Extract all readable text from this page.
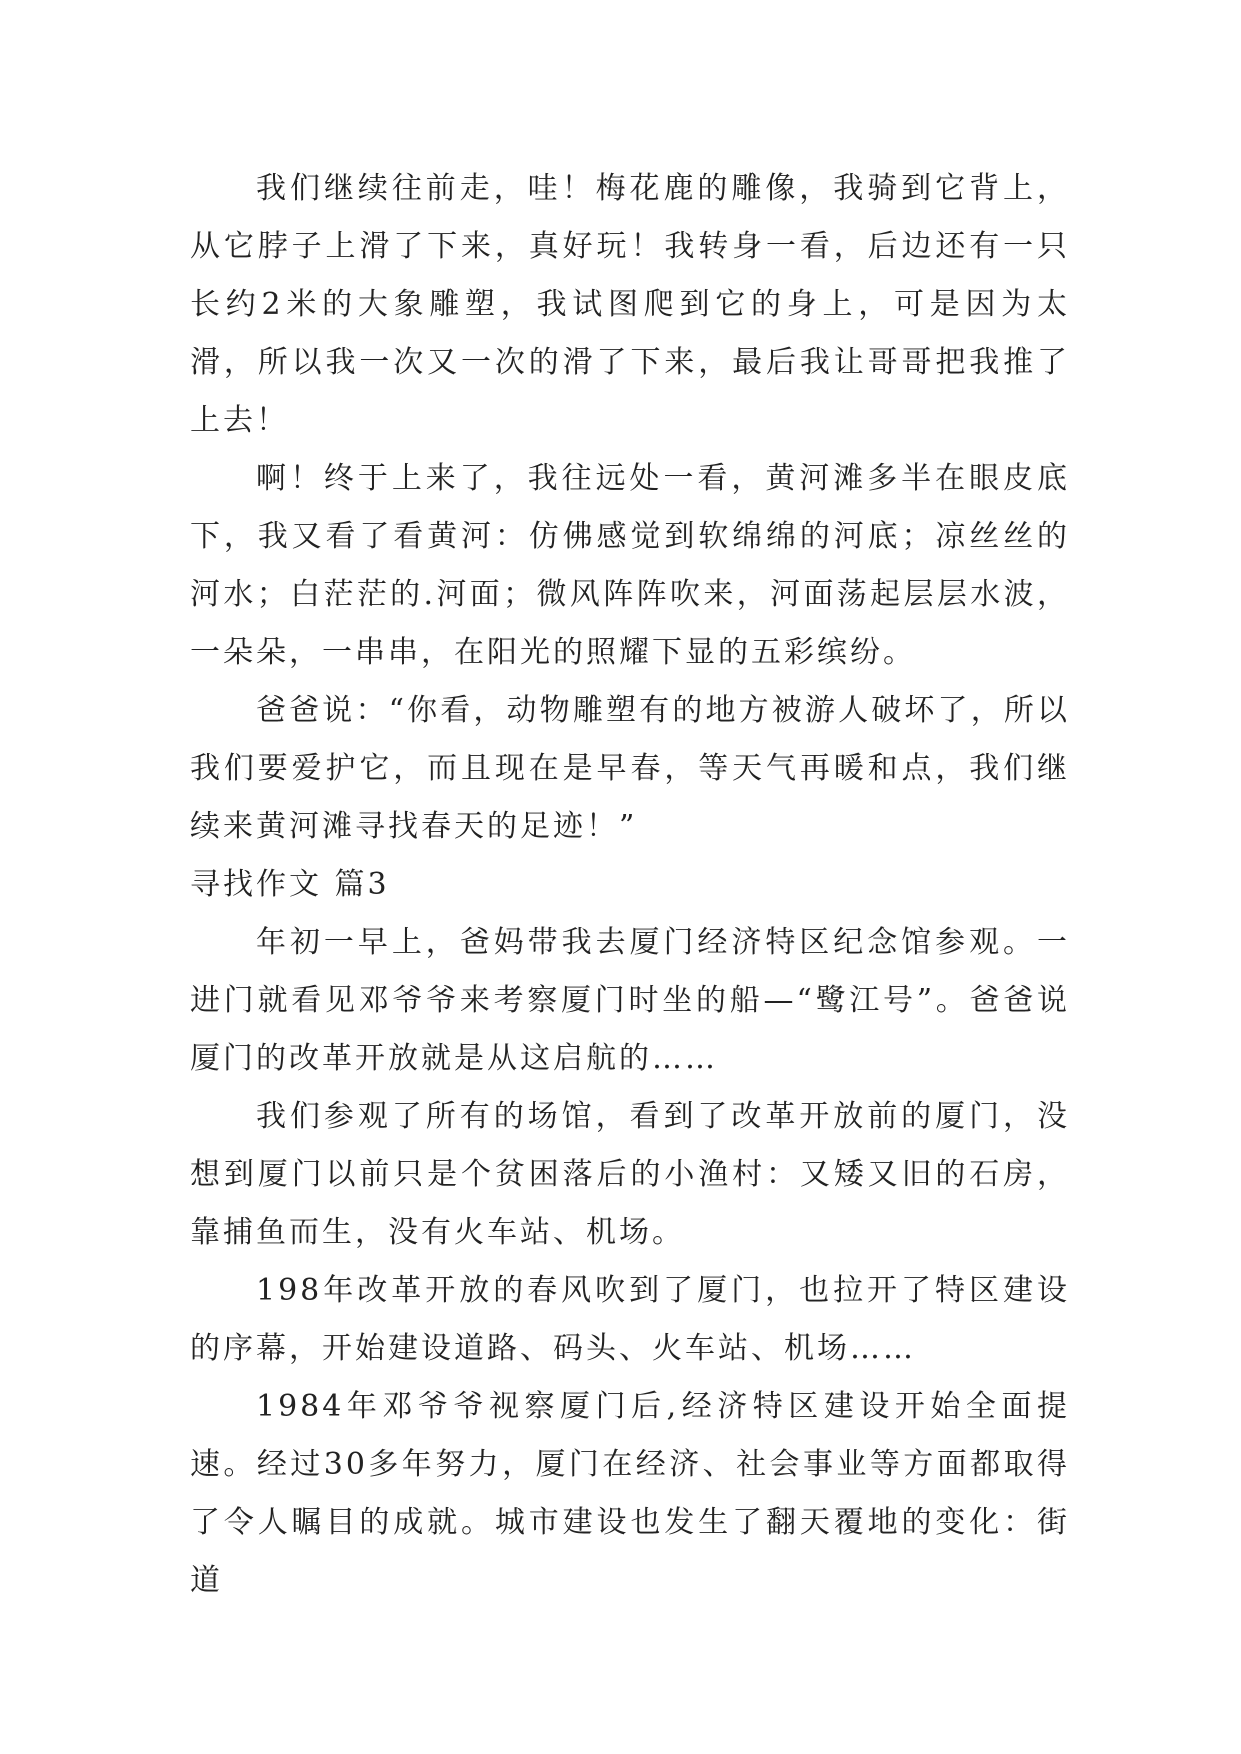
我们继续往前走，哇！梅花鹿的雕像，我骑到它背上，从它脖子上滑了下来，真好玩！我转身一看，后边还有一只长约2米的大象雕塑，我试图爬到它的身上，可是因为太滑，所以我一次又一次的滑了下来，最后我让哥哥把我推了上去！

啊！终于上来了，我往远处一看，黄河滩多半在眼皮底下，我又看了看黄河：仿佛感觉到软绵绵的河底；凉丝丝的河水；白茫茫的.河面；微风阵阵吹来，河面荡起层层水波，一朵朵，一串串，在阳光的照耀下显的五彩缤纷。

爸爸说：“你看，动物雕塑有的地方被游人破坏了，所以我们要爱护它，而且现在是早春，等天气再暖和点，我们继续来黄河滩寻找春天的足迹！”

寻找作文 篇3

年初一早上，爸妈带我去厦门经济特区纪念馆参观。一进门就看见邓爷爷来考察厦门时坐的船—“鹭江号”。爸爸说厦门的改革开放就是从这启航的……

我们参观了所有的场馆，看到了改革开放前的厦门，没想到厦门以前只是个贫困落后的小渔村：又矮又旧的石房，靠捕鱼而生，没有火车站、机场。

198年改革开放的春风吹到了厦门，也拉开了特区建设的序幕，开始建设道路、码头、火车站、机场……

1984年邓爷爷视察厦门后,经济特区建设开始全面提速。经过30多年努力，厦门在经济、社会事业等方面都取得了令人瞩目的成就。城市建设也发生了翻天覆地的变化：街道
